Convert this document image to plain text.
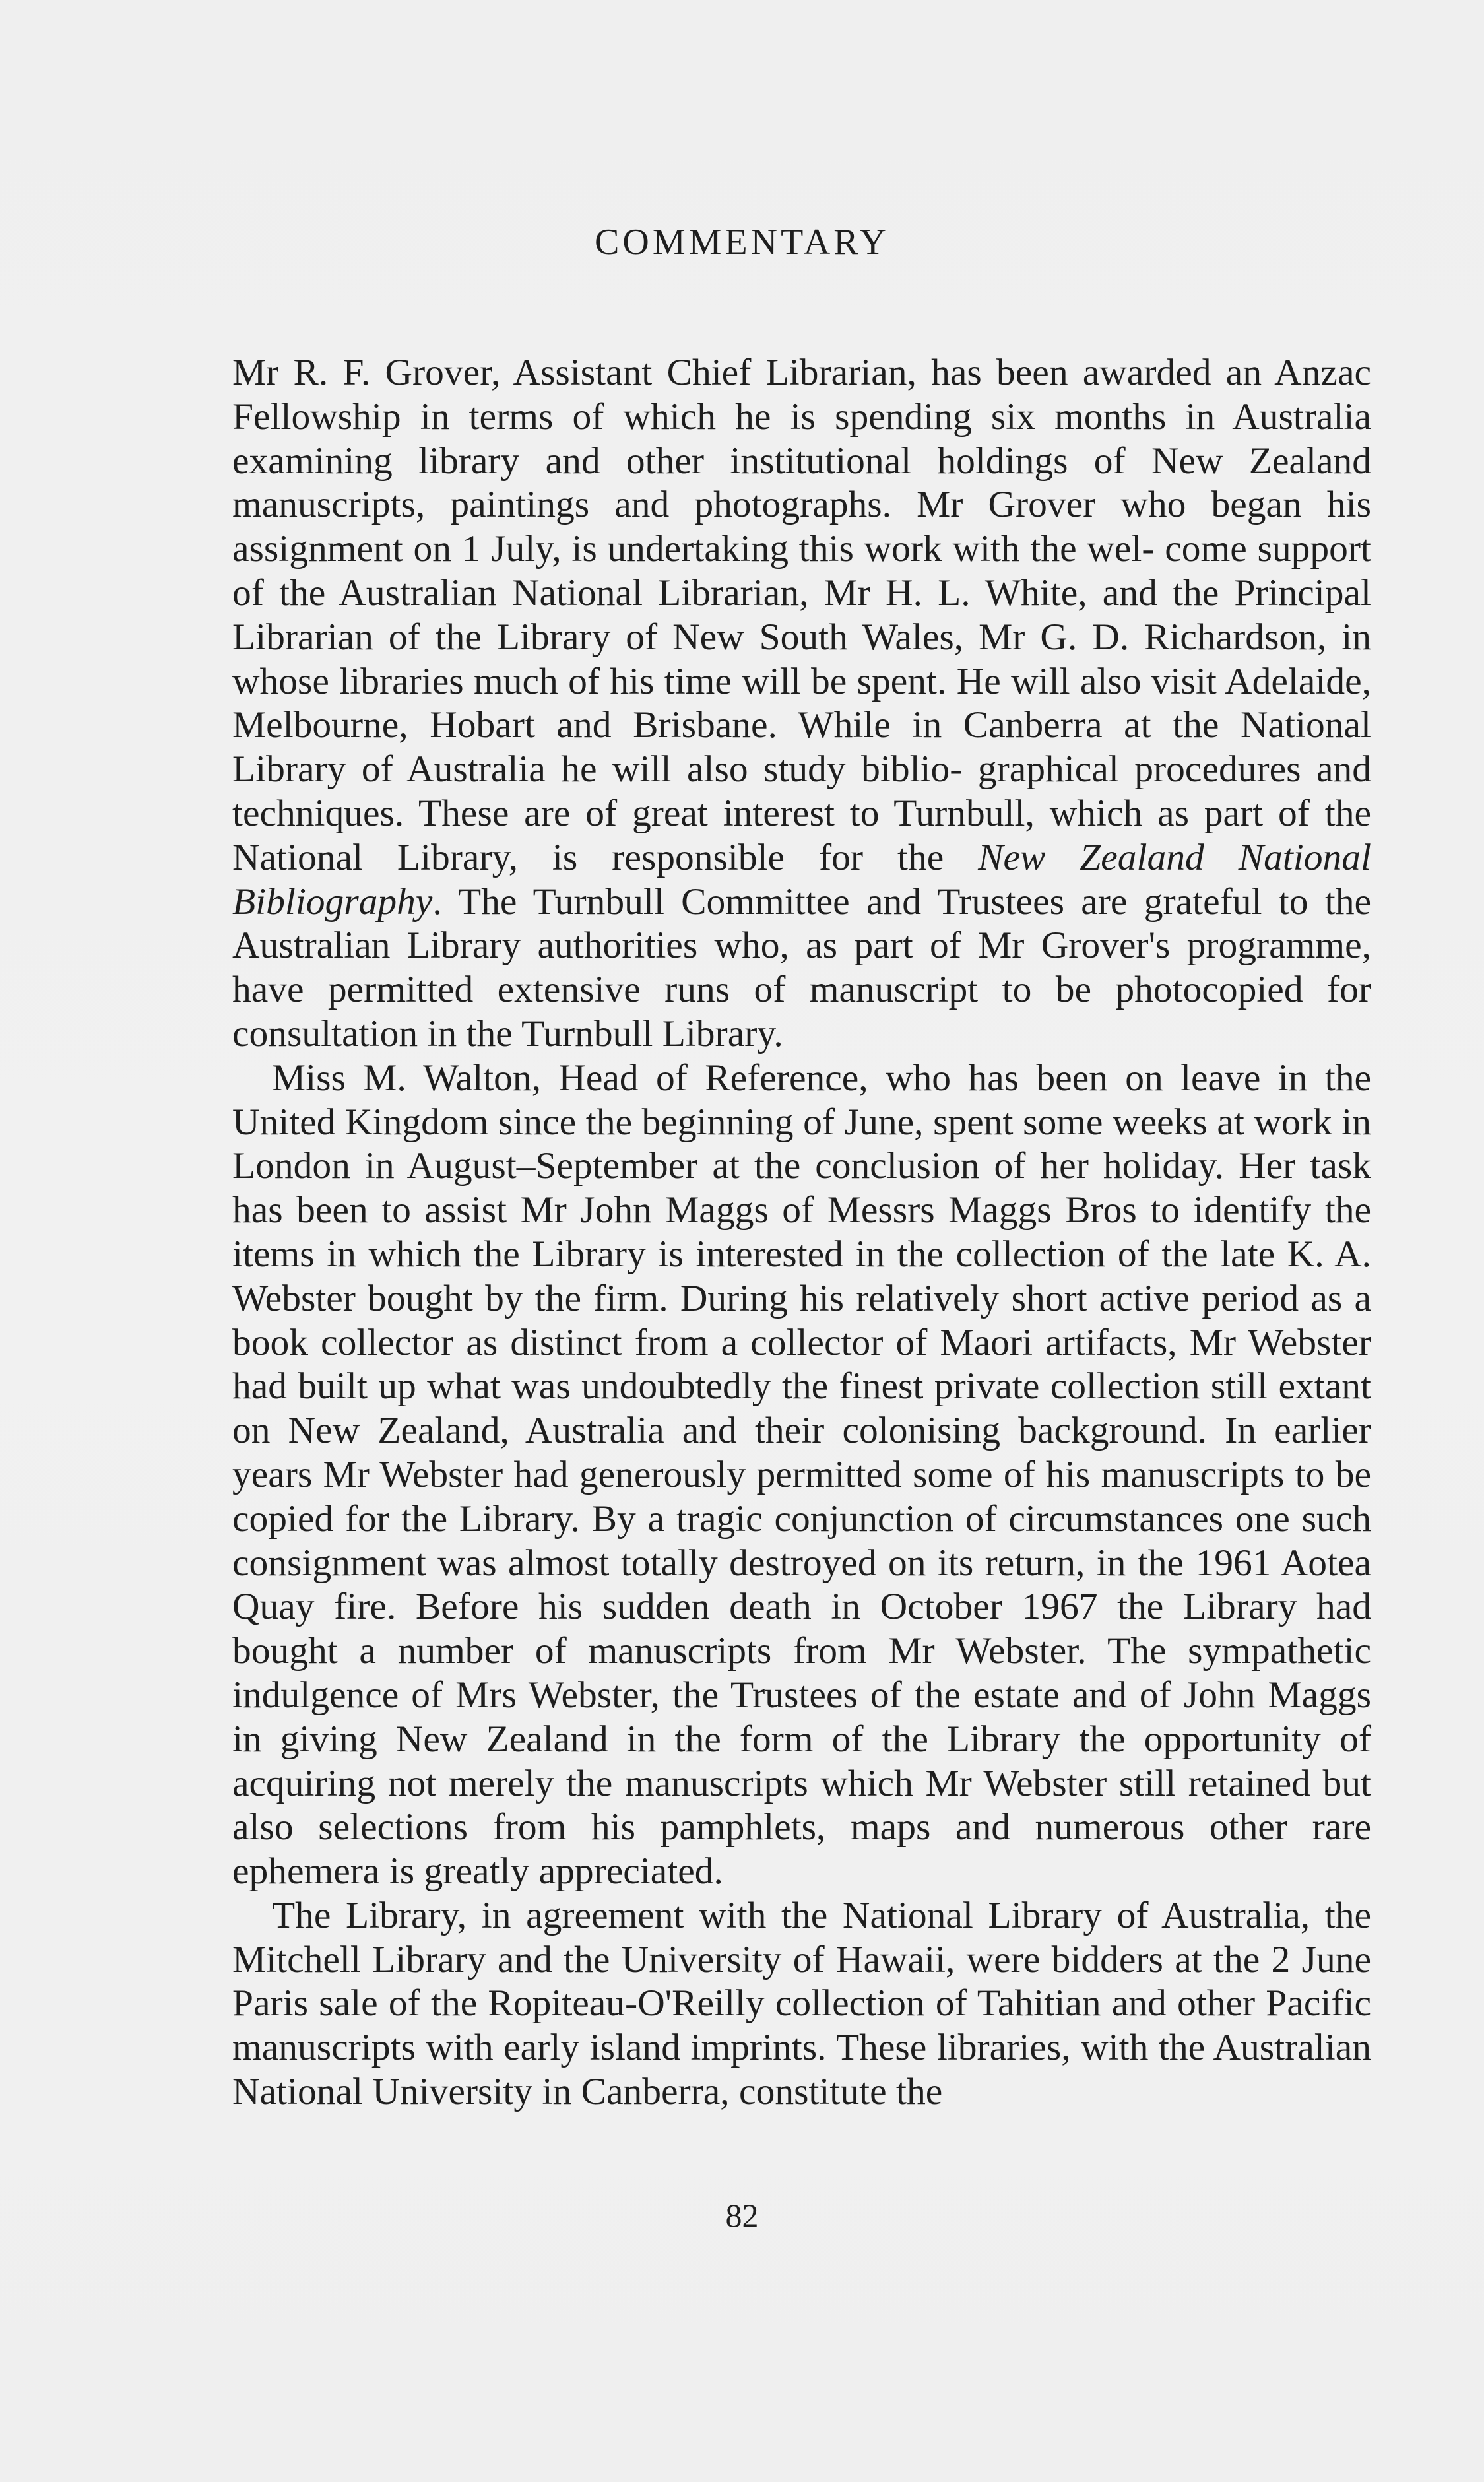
COMMENTARY

Mr R. F. Grover, Assistant Chief Librarian, has been awarded an Anzac Fellowship in terms of which he is spending six months in Australia examining library and other institutional holdings of New Zealand manuscripts, paintings and photographs. Mr Grover who began his assignment on 1 July, is undertaking this work with the wel- come support of the Australian National Librarian, Mr H. L. White, and the Principal Librarian of the Library of New South Wales, Mr G. D. Richardson, in whose libraries much of his time will be spent. He will also visit Adelaide, Melbourne, Hobart and Brisbane. While in Canberra at the National Library of Australia he will also study biblio- graphical procedures and techniques. These are of great interest to Turnbull, which as part of the National Library, is responsible for the New Zealand National Bibliography. The Turnbull Committee and Trustees are grateful to the Australian Library authorities who, as part of Mr Grover's programme, have permitted extensive runs of manuscript to be photocopied for consultation in the Turnbull Library.

Miss M. Walton, Head of Reference, who has been on leave in the United Kingdom since the beginning of June, spent some weeks at work in London in August–September at the conclusion of her holiday. Her task has been to assist Mr John Maggs of Messrs Maggs Bros to identify the items in which the Library is interested in the collection of the late K. A. Webster bought by the firm. During his relatively short active period as a book collector as distinct from a collector of Maori artifacts, Mr Webster had built up what was undoubtedly the finest private collection still extant on New Zealand, Australia and their colonising background. In earlier years Mr Webster had generously permitted some of his manuscripts to be copied for the Library. By a tragic conjunction of circumstances one such consignment was almost totally destroyed on its return, in the 1961 Aotea Quay fire. Before his sudden death in October 1967 the Library had bought a number of manuscripts from Mr Webster. The sympathetic indulgence of Mrs Webster, the Trustees of the estate and of John Maggs in giving New Zealand in the form of the Library the opportunity of acquiring not merely the manuscripts which Mr Webster still retained but also selections from his pamphlets, maps and numerous other rare ephemera is greatly appreciated.

The Library, in agreement with the National Library of Australia, the Mitchell Library and the University of Hawaii, were bidders at the 2 June Paris sale of the Ropiteau-O'Reilly collection of Tahitian and other Pacific manuscripts with early island imprints. These libraries, with the Australian National University in Canberra, constitute the

82
